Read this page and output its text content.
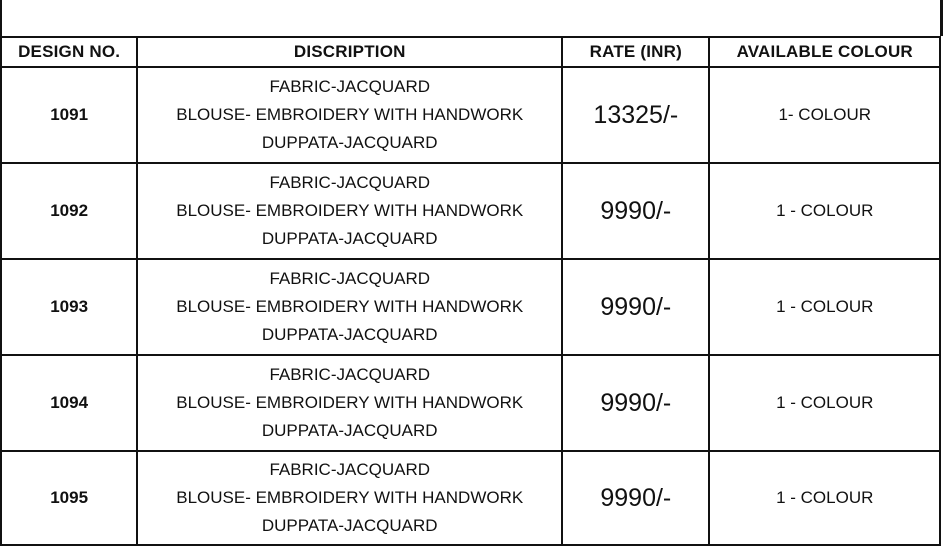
DESIGN NO.	DISCRIPTION	RATE (INR)	AVAILABLE COLOUR
1091	FABRIC-JACQUARD
BLOUSE- EMBROIDERY WITH HANDWORK
DUPPATA-JACQUARD	13325/-	1- COLOUR
1092	FABRIC-JACQUARD
BLOUSE- EMBROIDERY WITH HANDWORK
DUPPATA-JACQUARD	9990/-	1 - COLOUR
1093	FABRIC-JACQUARD
BLOUSE- EMBROIDERY WITH HANDWORK
DUPPATA-JACQUARD	9990/-	1 - COLOUR
1094	FABRIC-JACQUARD
BLOUSE- EMBROIDERY WITH HANDWORK
DUPPATA-JACQUARD	9990/-	1 - COLOUR
1095	FABRIC-JACQUARD
BLOUSE- EMBROIDERY WITH HANDWORK
DUPPATA-JACQUARD	9990/-	1 - COLOUR
